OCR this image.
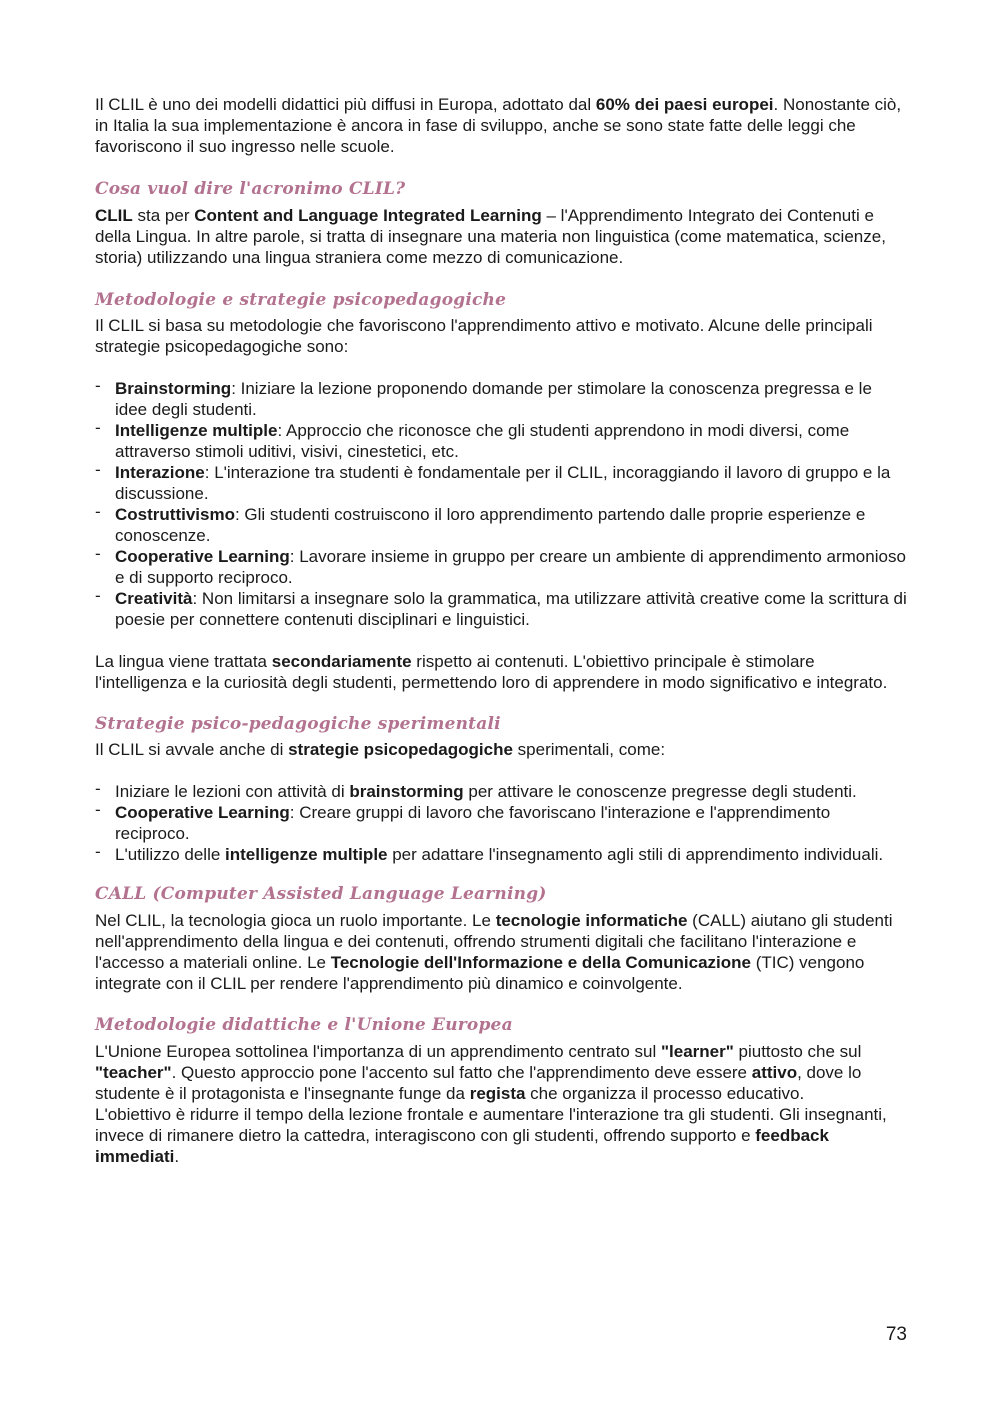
Il CLIL è uno dei modelli didattici più diffusi in Europa, adottato dal 60% dei paesi europei. Nonostante ciò, in Italia la sua implementazione è ancora in fase di sviluppo, anche se sono state fatte delle leggi che favoriscono il suo ingresso nelle scuole.

Cosa vuol dire l'acronimo CLIL?

CLIL sta per Content and Language Integrated Learning – l'Apprendimento Integrato dei Contenuti e della Lingua. In altre parole, si tratta di insegnare una materia non linguistica (come matematica, scienze, storia) utilizzando una lingua straniera come mezzo di comunicazione.

Metodologie e strategie psicopedagogiche

Il CLIL si basa su metodologie che favoriscono l'apprendimento attivo e motivato. Alcune delle principali strategie psicopedagogiche sono:

- Brainstorming: Iniziare la lezione proponendo domande per stimolare la conoscenza pregressa e le idee degli studenti.
- Intelligenze multiple: Approccio che riconosce che gli studenti apprendono in modi diversi, come attraverso stimoli uditivi, visivi, cinestetici, etc.
- Interazione: L'interazione tra studenti è fondamentale per il CLIL, incoraggiando il lavoro di gruppo e la discussione.
- Costruttivismo: Gli studenti costruiscono il loro apprendimento partendo dalle proprie esperienze e conoscenze.
- Cooperative Learning: Lavorare insieme in gruppo per creare un ambiente di apprendimento armonioso e di supporto reciproco.
- Creatività: Non limitarsi a insegnare solo la grammatica, ma utilizzare attività creative come la scrittura di poesie per connettere contenuti disciplinari e linguistici.

La lingua viene trattata secondariamente rispetto ai contenuti. L'obiettivo principale è stimolare l'intelligenza e la curiosità degli studenti, permettendo loro di apprendere in modo significativo e integrato.

Strategie psico-pedagogiche sperimentali

Il CLIL si avvale anche di strategie psicopedagogiche sperimentali, come:

- Iniziare le lezioni con attività di brainstorming per attivare le conoscenze pregresse degli studenti.
- Cooperative Learning: Creare gruppi di lavoro che favoriscano l'interazione e l'apprendimento reciproco.
- L'utilizzo delle intelligenze multiple per adattare l'insegnamento agli stili di apprendimento individuali.
CALL (Computer Assisted Language Learning)

Nel CLIL, la tecnologia gioca un ruolo importante. Le tecnologie informatiche (CALL) aiutano gli studenti nell'apprendimento della lingua e dei contenuti, offrendo strumenti digitali che facilitano l'interazione e l'accesso a materiali online. Le Tecnologie dell'Informazione e della Comunicazione (TIC) vengono integrate con il CLIL per rendere l'apprendimento più dinamico e coinvolgente.

Metodologie didattiche e l'Unione Europea

L'Unione Europea sottolinea l'importanza di un apprendimento centrato sul "learner" piuttosto che sul "teacher". Questo approccio pone l'accento sul fatto che l'apprendimento deve essere attivo, dove lo studente è il protagonista e l'insegnante funge da regista che organizza il processo educativo.

L'obiettivo è ridurre il tempo della lezione frontale e aumentare l'interazione tra gli studenti. Gli insegnanti, invece di rimanere dietro la cattedra, interagiscono con gli studenti, offrendo supporto e feedback immediati.

73
